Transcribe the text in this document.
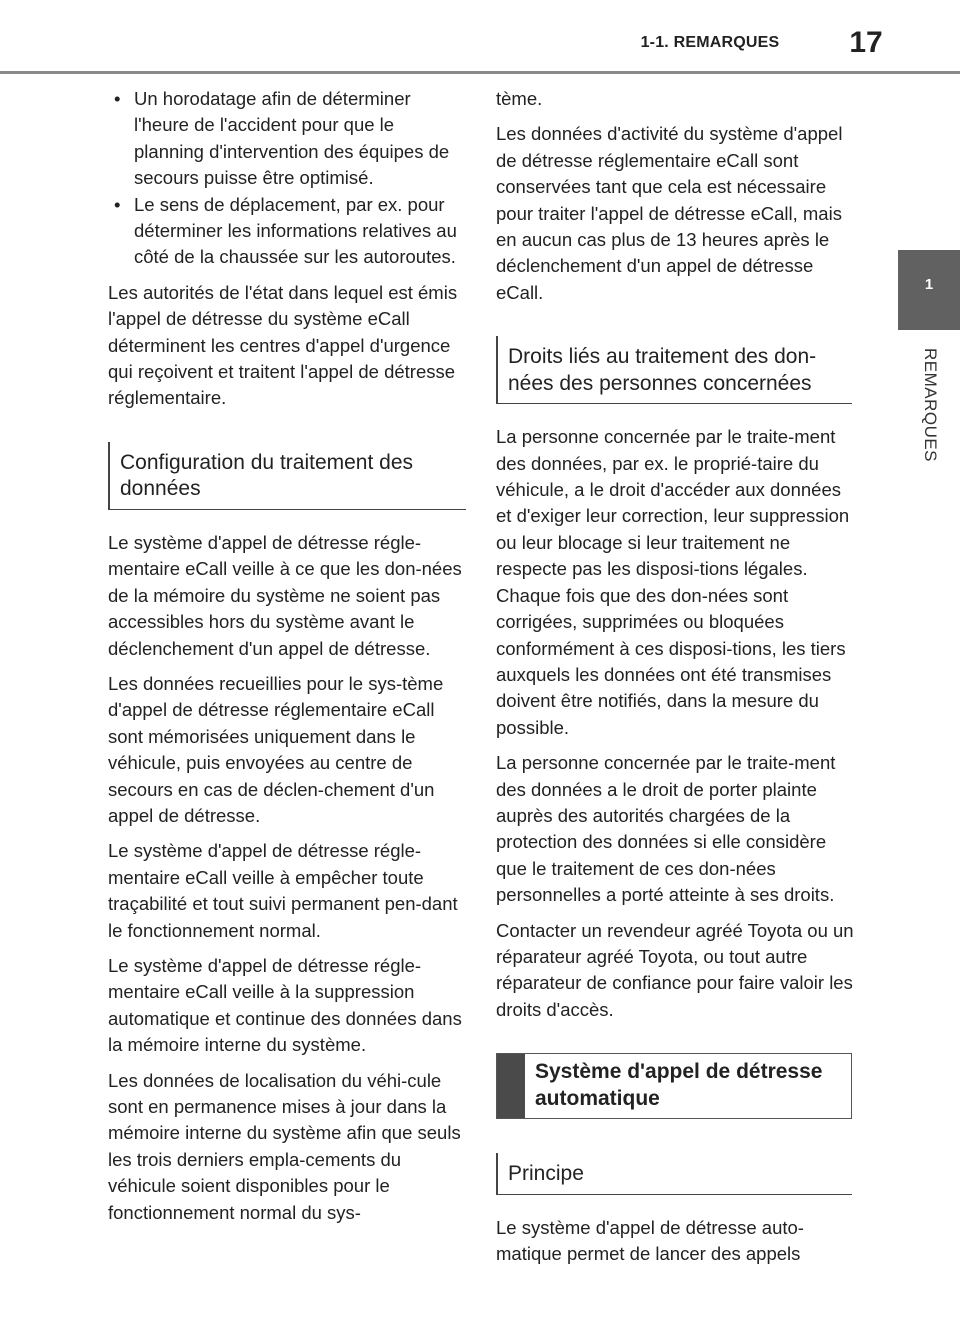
1-1. REMARQUES	17
1
REMARQUES
• Un horodatage afin de déterminer l'heure de l'accident pour que le planning d'intervention des équipes de secours puisse être optimisé.
• Le sens de déplacement, par ex. pour déterminer les informations relatives au côté de la chaussée sur les autoroutes.

Les autorités de l'état dans lequel est émis l'appel de détresse du système eCall déterminent les centres d'appel d'urgence qui reçoivent et traitent l'appel de détresse réglementaire.

Configuration du traitement des données

Le système d'appel de détresse régle-mentaire eCall veille à ce que les don-nées de la mémoire du système ne soient pas accessibles hors du système avant le déclenchement d'un appel de détresse.

Les données recueillies pour le sys-tème d'appel de détresse réglementaire eCall sont mémorisées uniquement dans le véhicule, puis envoyées au centre de secours en cas de déclen-chement d'un appel de détresse.

Le système d'appel de détresse régle-mentaire eCall veille à empêcher toute traçabilité et tout suivi permanent pen-dant le fonctionnement normal.

Le système d'appel de détresse régle-mentaire eCall veille à la suppression automatique et continue des données dans la mémoire interne du système.

Les données de localisation du véhi-cule sont en permanence mises à jour dans la mémoire interne du système afin que seuls les trois derniers empla-cements du véhicule soient disponibles pour le fonctionnement normal du sys-

tème.

Les données d'activité du système d'appel de détresse réglementaire eCall sont conservées tant que cela est nécessaire pour traiter l'appel de détresse eCall, mais en aucun cas plus de 13 heures après le déclenchement d'un appel de détresse eCall.

Droits liés au traitement des don-nées des personnes concernées

La personne concernée par le traite-ment des données, par ex. le proprié-taire du véhicule, a le droit d'accéder aux données et d'exiger leur correction, leur suppression ou leur blocage si leur traitement ne respecte pas les disposi-tions légales. Chaque fois que des don-nées sont corrigées, supprimées ou bloquées conformément à ces disposi-tions, les tiers auxquels les données ont été transmises doivent être notifiés, dans la mesure du possible.

La personne concernée par le traite-ment des données a le droit de porter plainte auprès des autorités chargées de la protection des données si elle considère que le traitement de ces don-nées personnelles a porté atteinte à ses droits.

Contacter un revendeur agréé Toyota ou un réparateur agréé Toyota, ou tout autre réparateur de confiance pour faire valoir les droits d'accès.

Système d'appel de détresse automatique
Principe

Le système d'appel de détresse auto-matique permet de lancer des appels
